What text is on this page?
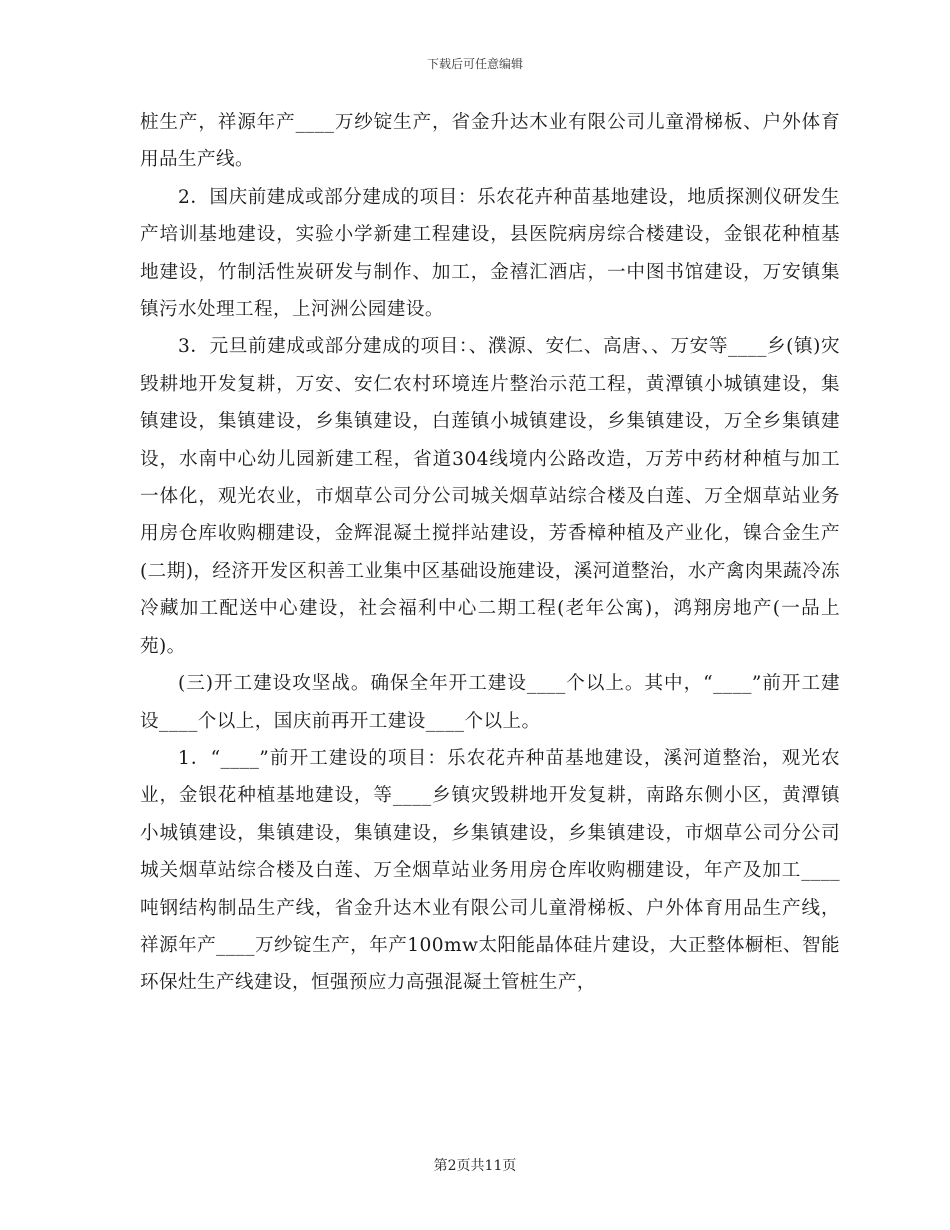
下载后可任意编辑

桩生产，祥源年产____万纱锭生产，省金升达木业有限公司儿童滑梯板、户外体育用品生产线。

2．国庆前建成或部分建成的项目：乐农花卉种苗基地建设，地质探测仪研发生产培训基地建设，实验小学新建工程建设，县医院病房综合楼建设，金银花种植基地建设，竹制活性炭研发与制作、加工，金禧汇酒店，一中图书馆建设，万安镇集镇污水处理工程，上河洲公园建设。

3．元旦前建成或部分建成的项目：、濮源、安仁、高唐、、万安等____乡(镇)灾毁耕地开发复耕，万安、安仁农村环境连片整治示范工程，黄潭镇小城镇建设，集镇建设，集镇建设，乡集镇建设，白莲镇小城镇建设，乡集镇建设，万全乡集镇建设，水南中心幼儿园新建工程，省道304线境内公路改造，万芳中药材种植与加工一体化，观光农业，市烟草公司分公司城关烟草站综合楼及白莲、万全烟草站业务用房仓库收购棚建设，金辉混凝土搅拌站建设，芳香樟种植及产业化，镍合金生产(二期)，经济开发区积善工业集中区基础设施建设，溪河道整治，水产禽肉果蔬冷冻冷藏加工配送中心建设，社会福利中心二期工程(老年公寓)，鸿翔房地产(一品上苑)。

(三)开工建设攻坚战。确保全年开工建设____个以上。其中，“____”前开工建设____个以上，国庆前再开工建设____个以上。

1．“____”前开工建设的项目：乐农花卉种苗基地建设，溪河道整治，观光农业，金银花种植基地建设，等____乡镇灾毁耕地开发复耕，南路东侧小区，黄潭镇小城镇建设，集镇建设，集镇建设，乡集镇建设，乡集镇建设，市烟草公司分公司城关烟草站综合楼及白莲、万全烟草站业务用房仓库收购棚建设，年产及加工____吨钢结构制品生产线，省金升达木业有限公司儿童滑梯板、户外体育用品生产线，祥源年产____万纱锭生产，年产100mw太阳能晶体硅片建设，大正整体橱柜、智能环保灶生产线建设，恒强预应力高强混凝土管桩生产，

第2页共11页
